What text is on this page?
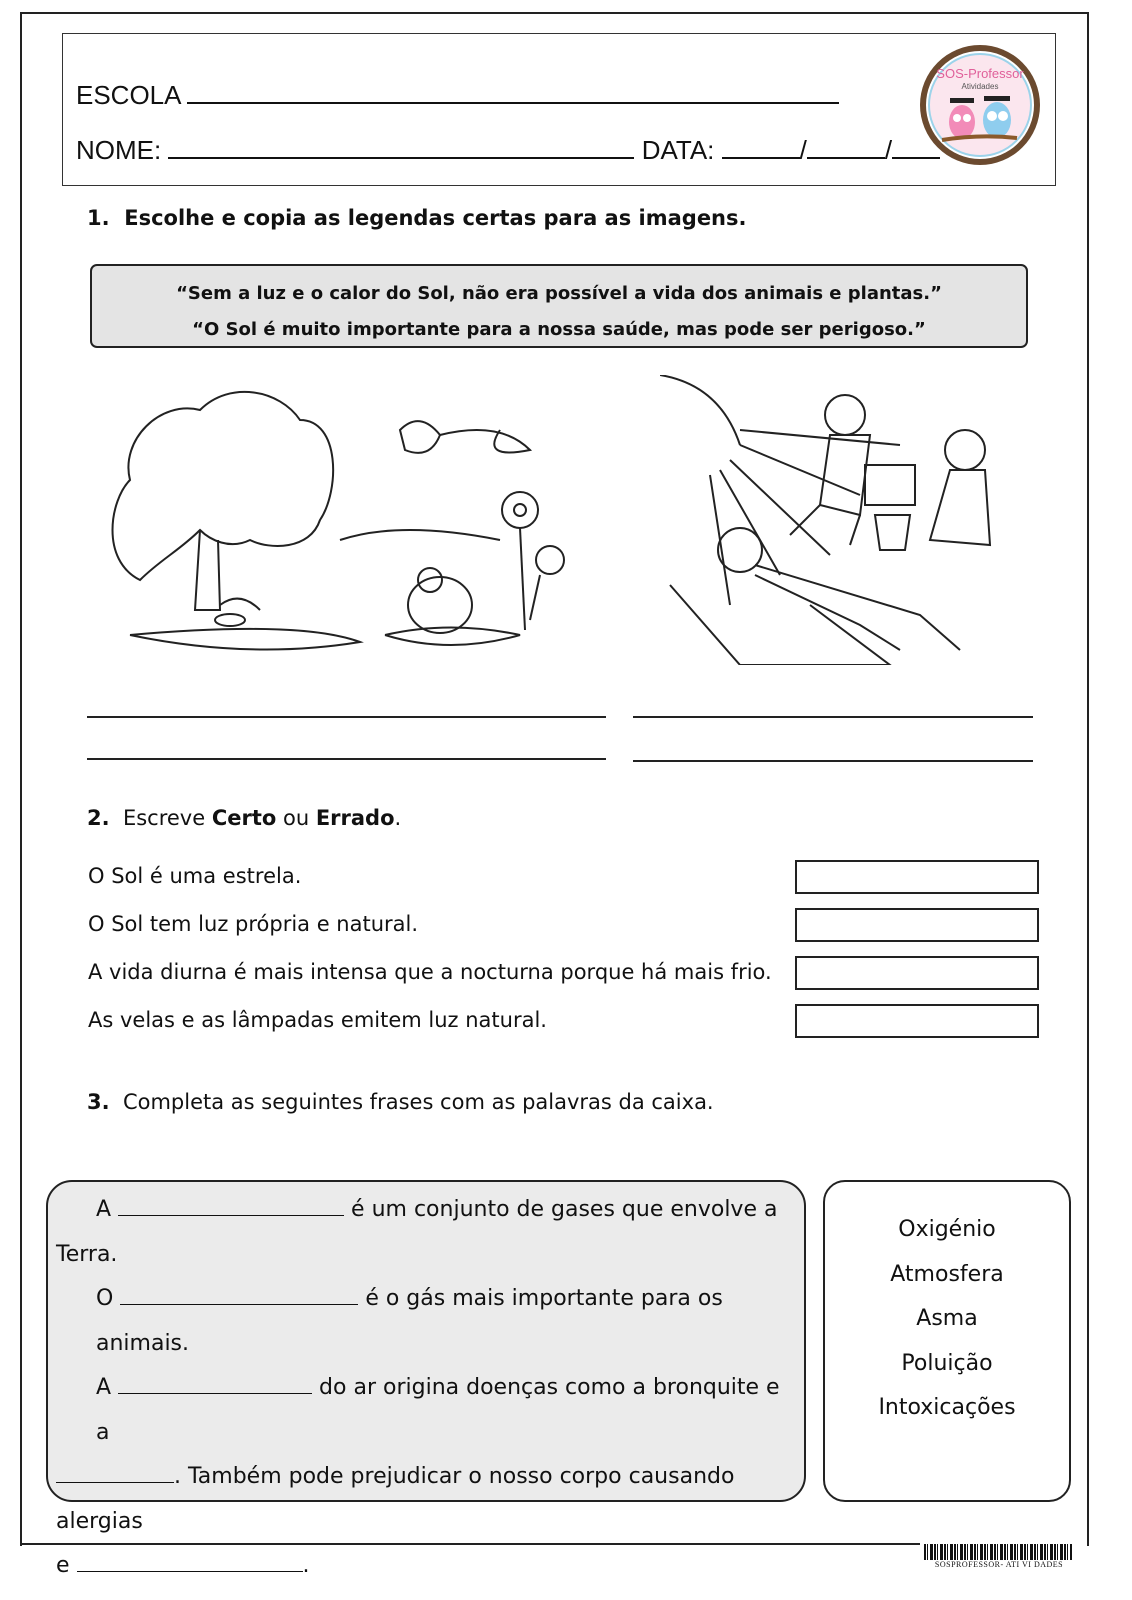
ESCOLA
NOME:	DATA:	/	/
SOS-Professor
Atividades
1. Escolhe e copia as legendas certas para as imagens.
“Sem a luz e o calor do Sol, não era possível a vida dos animais e plantas.”
“O Sol é muito importante para a nossa saúde, mas pode ser perigoso.”
2. Escreve Certo ou Errado.
O Sol é uma estrela.
O Sol tem luz própria e natural.
A vida diurna é mais intensa que a nocturna porque há mais frio.
As velas e as lâmpadas emitem luz natural.
3. Completa as seguintes frases com as palavras da caixa.
A	é um conjunto de gases que envolve a
Terra.
O	é o gás mais importante para os animais.
A	do ar origina doenças como a bronquite e a
. Também pode prejudicar o nosso corpo causando alergias
e	.
Oxigénio
Atmosfera
Asma
Poluição
Intoxicações
SOSPROFESSOR- ATI VI DADES
